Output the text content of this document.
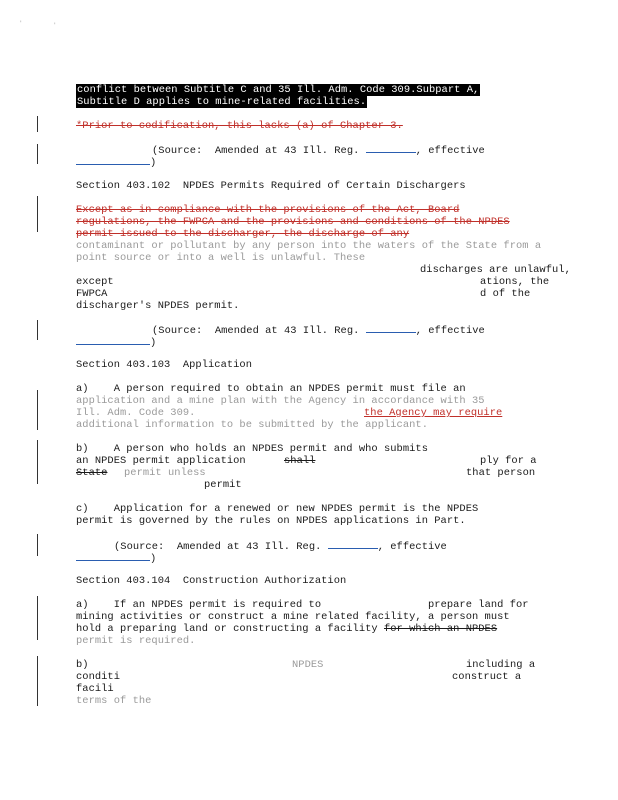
'	'
conflict between Subtitle C and 35 Ill. Adm. Code 309.Subpart A,
Subtitle D applies to mine-related facilities.
*Prior to codification, this lacks (a) of Chapter 3.
(Source:  Amended at 43 Ill. Reg.	, effective
)
Section 403.102  NPDES Permits Required of Certain Dischargers
Except as in compliance with the provisions of the Act, Board
regulations, the FWPCA and the provisions and conditions of the NPDES
permit issued to the discharger, the discharge of any
contaminant or pollutant by any person into the waters of the State from a
point source or into a well is unlawful. These
discharges are unlawful,
except	ations, the
FWPCA	d of the
discharger's NPDES permit.
(Source:  Amended at 43 Ill. Reg.	, effective
)
Section 403.103  Application
a)    A person required to obtain an NPDES permit must file an
application and a mine plan with the Agency in accordance with 35
Ill. Adm. Code 309.	the Agency may require
additional information to be submitted by the applicant.
b)    A person who holds an NPDES permit and who submits
an NPDES permit application	shall	ply for a
State permit unless	that person
permit
c)    Application for a renewed or new NPDES permit is the NPDES
permit is governed by the rules on NPDES applications in Part.
(Source:  Amended at 43 Ill. Reg.	, effective
)
Section 403.104  Construction Authorization
a)    If an NPDES permit is required to	prepare land for
mining activities or construct a mine related facility, a person must
hold a preparing land or constructing a facility for which an NPDES
permit is required.
b)	NPDES	including a
conditi	construct a
facili
terms of the
